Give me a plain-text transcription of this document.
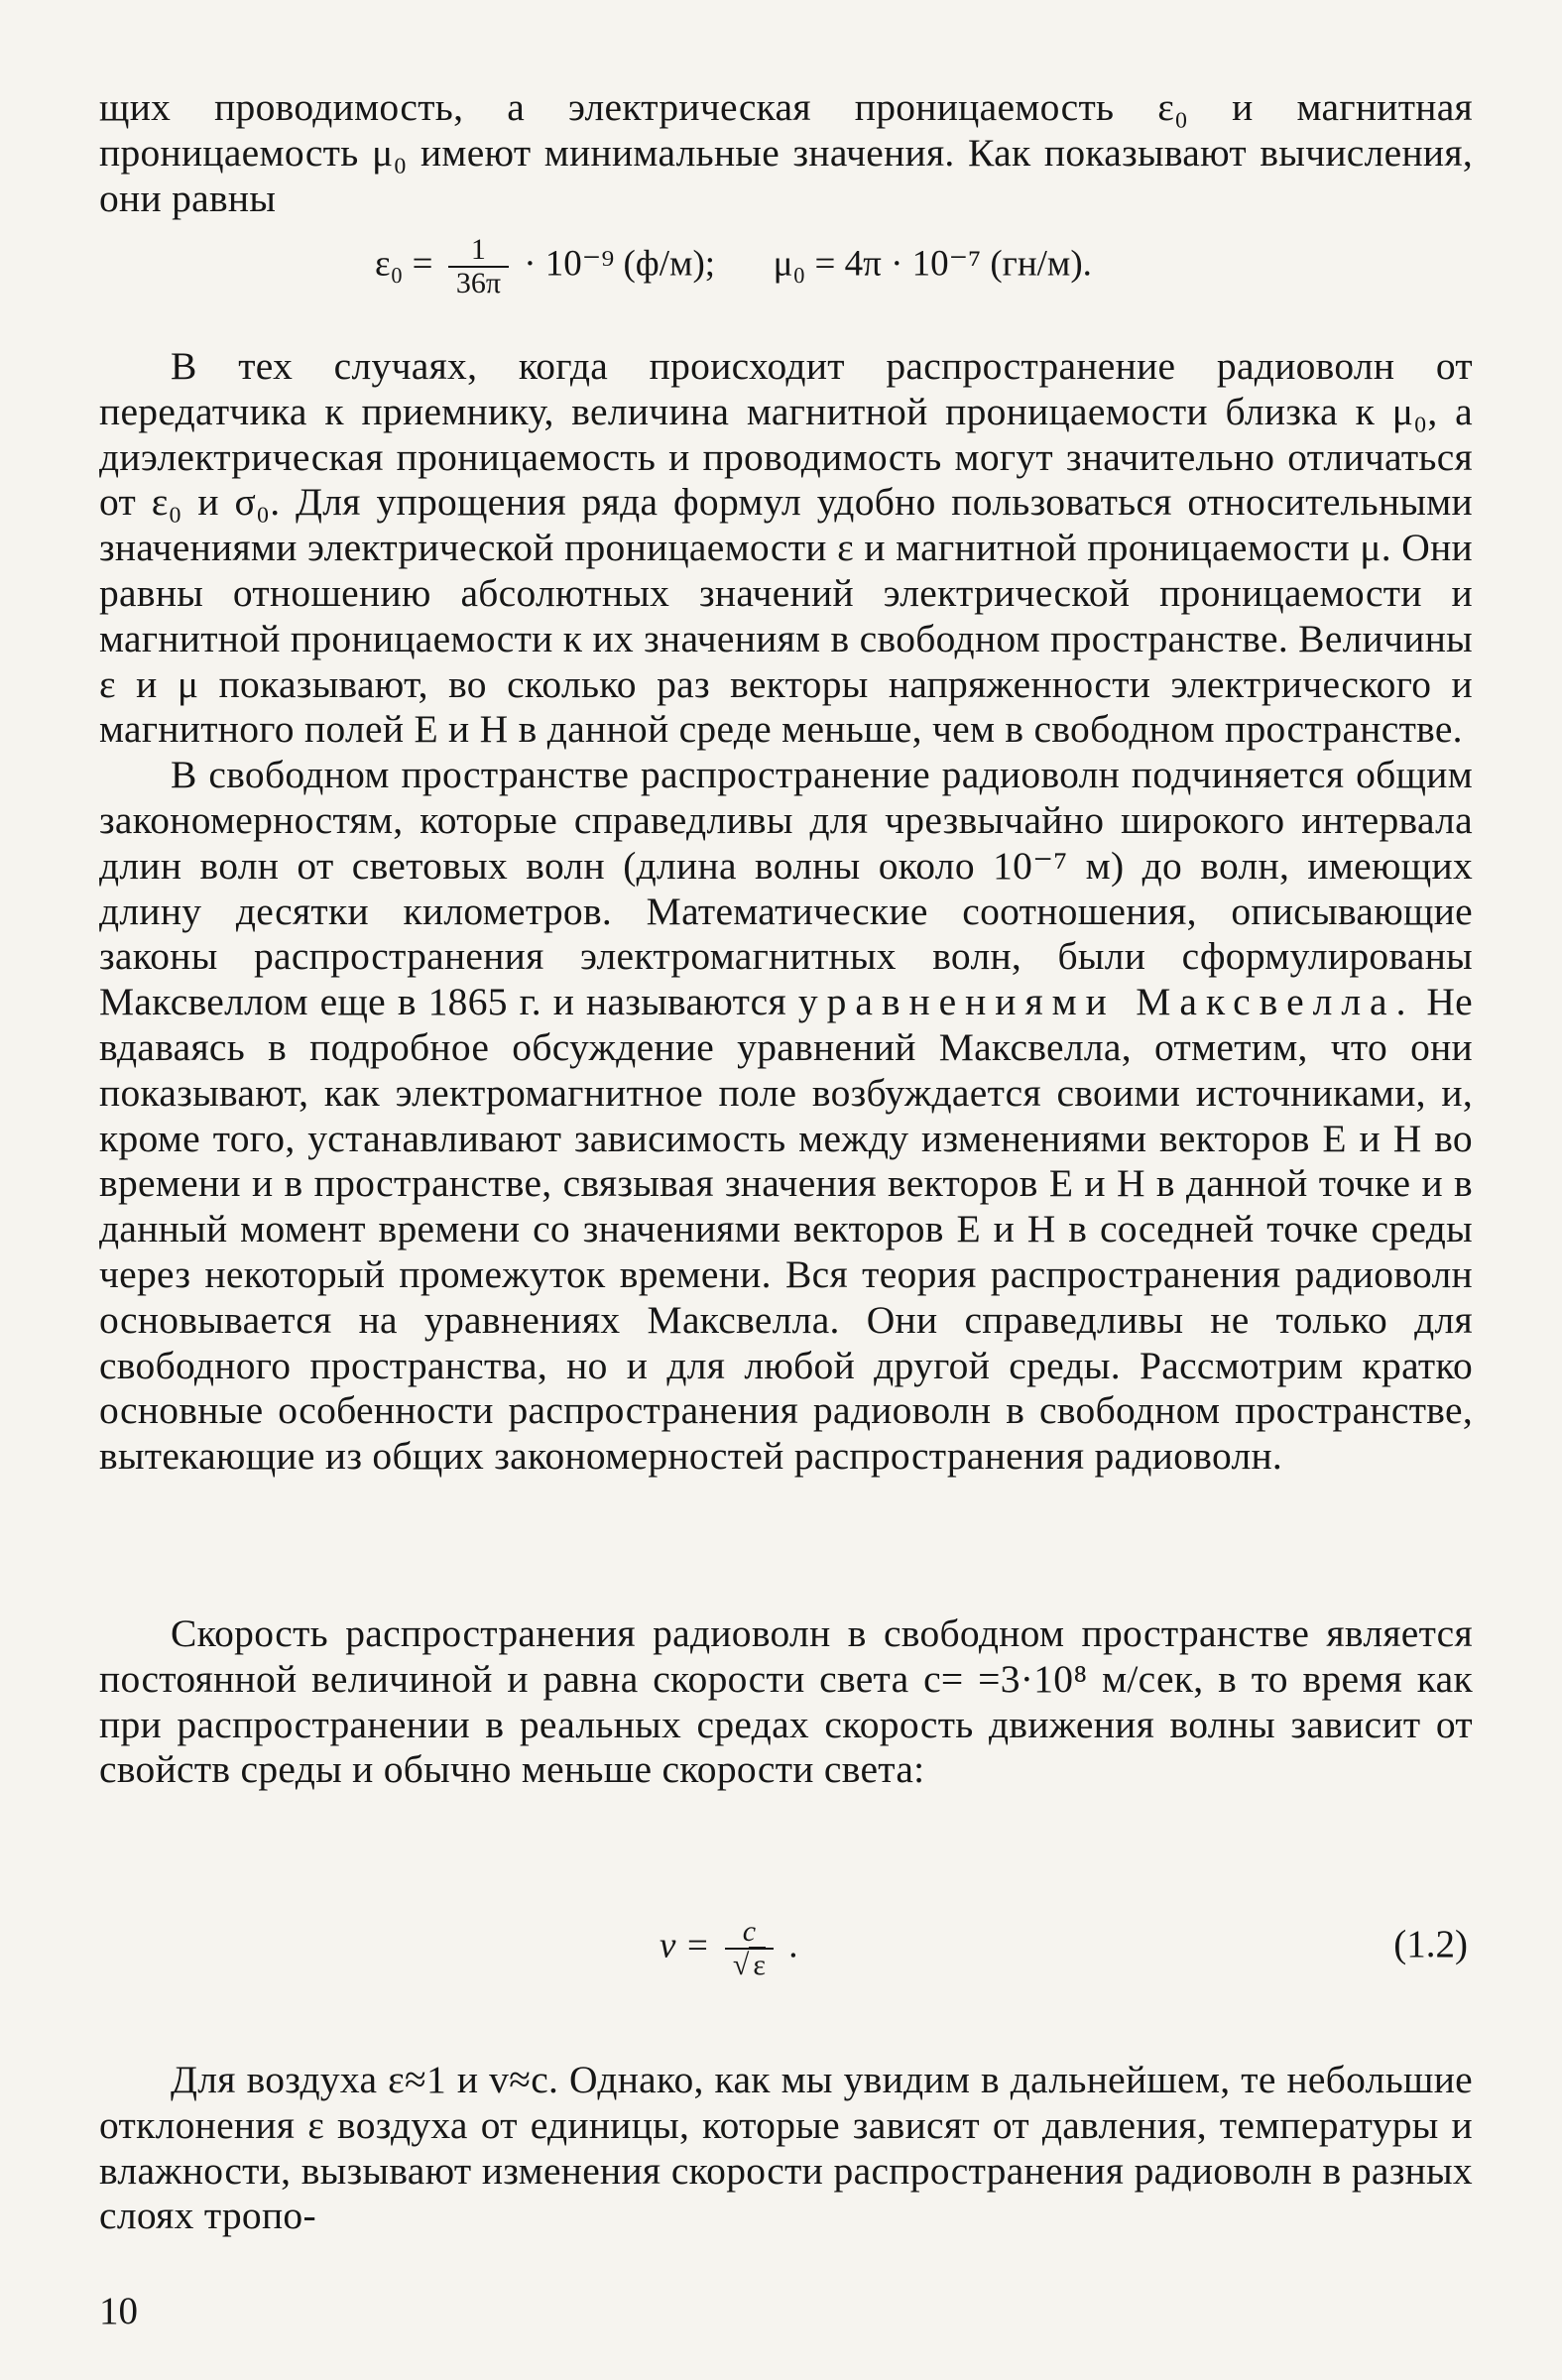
щих проводимость, а электрическая проницаемость ε₀ и магнитная проницаемость μ₀ имеют минимальные значения. Как показывают вычисления, они равны

$\varepsilon_0 = \frac{1}{36\pi} \cdot 10^{-9}$ (ф/м); μ₀ = 4π · 10⁻⁷ (гн/м).

В тех случаях, когда происходит распространение радиоволн от передатчика к приемнику, величина магнитной проницаемости близка к μ₀, а диэлектрическая проницаемость и проводимость могут значительно отличаться от ε₀ и σ₀. Для упрощения ряда формул удобно пользоваться относительными значениями электрической проницаемости ε и магнитной проницаемости μ. Они равны отношению абсолютных значений электрической проницаемости и магнитной проницаемости к их значениям в свободном пространстве. Величины ε и μ показывают, во сколько раз векторы напряженности электрического и магнитного полей E и H в данной среде меньше, чем в свободном пространстве.

В свободном пространстве распространение радиоволн подчиняется общим закономерностям, которые справедливы для чрезвычайно широкого интервала длин волн от световых волн (длина волны около 10⁻⁷ м) до волн, имеющих длину десятки километров. Математические соотношения, описывающие законы распространения электромагнитных волн, были сформулированы Максвеллом еще в 1865 г. и называются уравнениями Максвелла. Не вдаваясь в подробное обсуждение уравнений Максвелла, отметим, что они показывают, как электромагнитное поле возбуждается своими источниками, и, кроме того, устанавливают зависимость между изменениями векторов E и H во времени и в пространстве, связывая значения векторов E и H в данной точке и в данный момент времени со значениями векторов E и H в соседней точке среды через некоторый промежуток времени. Вся теория распространения радиоволн основывается на уравнениях Максвелла. Они справедливы не только для свободного пространства, но и для любой другой среды. Рассмотрим кратко основные особенности распространения радиоволн в свободном пространстве, вытекающие из общих закономерностей распространения радиоволн.

Скорость распространения радиоволн в свободном пространстве является постоянной величиной и равна скорости света c= =3·10⁸ м/сек, в то время как при распространении в реальных средах скорость движения волны зависит от свойств среды и обычно меньше скорости света:

$v = \frac{c}{√ \varepsilon}$ .	(1.2)

Для воздуха ε≈1 и v≈c. Однако, как мы увидим в дальнейшем, те небольшие отклонения ε воздуха от единицы, которые зависят от давления, температуры и влажности, вызывают изменения скорости распространения радиоволн в разных слоях тропо-

10
